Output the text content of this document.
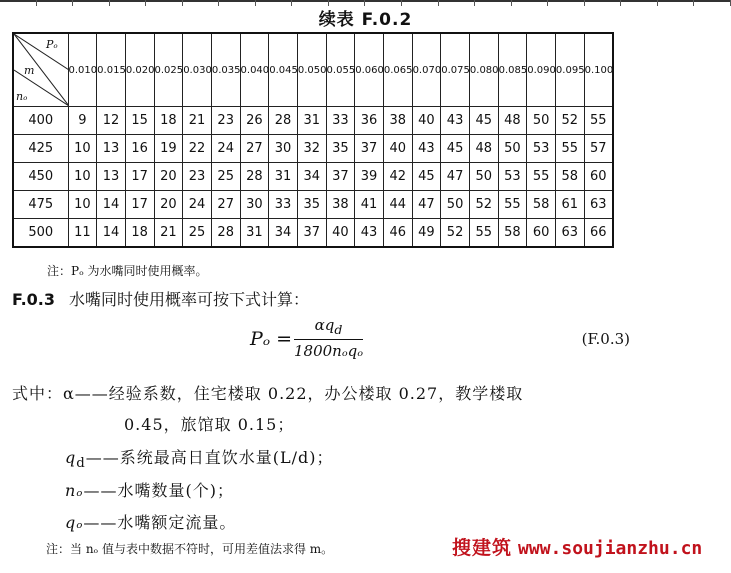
续表 F.0.2
Pₒ
m
nₒ	0.010	0.015	0.020	0.025	0.030	0.035	0.040	0.045	0.050	0.055	0.060	0.065	0.070	0.075	0.080	0.085	0.090	0.095	0.100
400	9	12	15	18	21	23	26	28	31	33	36	38	40	43	45	48	50	52	55
425	10	13	16	19	22	24	27	30	32	35	37	40	43	45	48	50	53	55	57
450	10	13	17	20	23	25	28	31	34	37	39	42	45	47	50	53	55	58	60
475	10	14	17	20	24	27	30	33	35	38	41	44	47	50	52	55	58	61	63
500	11	14	18	21	25	28	31	34	37	40	43	46	49	52	55	58	60	63	66
注：Pₒ 为水嘴同时使用概率。
F.0.3 水嘴同时使用概率可按下式计算：
Pₒ =
$\alpha q_d$
1800nₒqₒ
(F.0.3)
式中：α——经验系数，住宅楼取 0.22，办公楼取 0.27，教学楼取
0.45，旅馆取 0.15；
$q_d——$系统最高日直饮水量(L/d)；
nₒ——水嘴数量(个)；
qₒ——水嘴额定流量。
注：当 nₒ 值与表中数据不符时，可用差值法求得 m。	搜建筑 www.soujianzhu.cn
